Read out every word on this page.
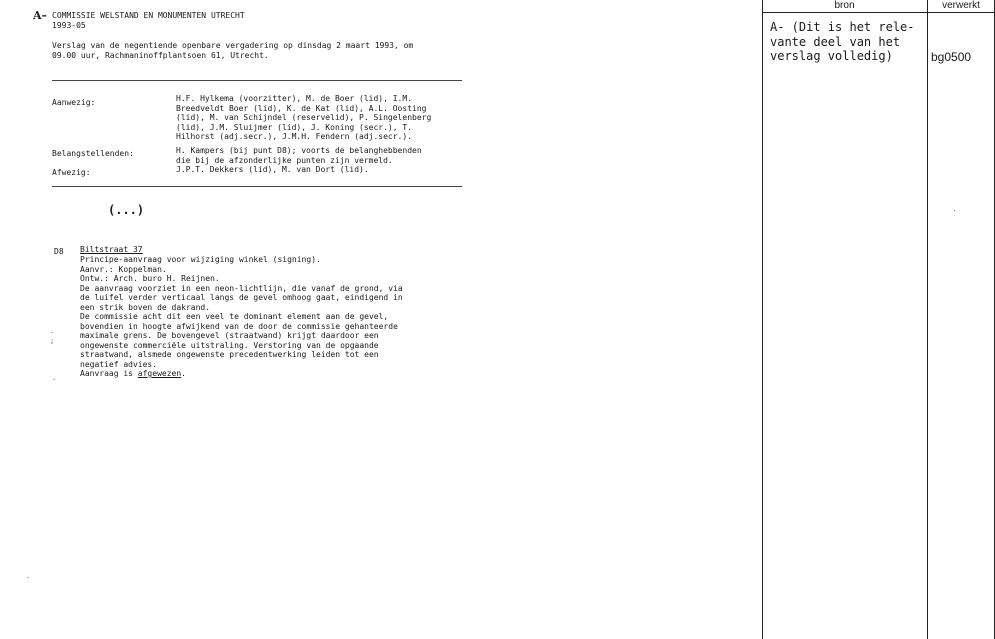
A– COMMISSIE WELSTAND EN MONUMENTEN UTRECHT
1993-05
Verslag van de negentiende openbare vergadering op dinsdag 2 maart 1993, om
09.00 uur, Rachmaninoffplantsoen 61, Utrecht.
Aanwezig:	H.F. Hylkema (voorzitter), M. de Boer (lid), I.M.
Breedveldt Boer (lid), K. de Kat (lid), A.L. Oosting
(lid), M. van Schijndel (reservelid), P. Singelenberg
(lid), J.M. Sluijmer (lid), J. Koning (secr.), T.
Hilhorst (adj.secr.), J.M.H. Fendern (adj.secr.).
Belangstellenden:	H. Kampers (bij punt D8); voorts de belanghebbenden
die bij de afzonderlijke punten zijn vermeld.
Afwezig:	J.P.T. Dekkers (lid), M. van Dort (lid).
(...)
D8 Biltstraat 37
Principe-aanvraag voor wijziging winkel (signing).
Aanvr.: Koppelman.
Ontw.: Arch. buro H. Reijnen.
De aanvraag voorziet in een neon-lichtlijn, die vanaf de grond, via
de luifel verder verticaal langs de gevel omhoog gaat, eindigend in
een strik boven de dakrand.
De commissie acht dit een veel te dominant element aan de gevel,
bovendien in hoogte afwijkend van de door de commissie gehanteerde
maximale grens. De bovengevel (straatwand) krijgt daardoor een
ongewenste commerciële uitstraling. Verstoring van de opgaande
straatwand, alsmede ongewenste precedentwerking leiden tot een
negatief advies.
Aanvraag is afgewezen.
.
;
·
.
bron	verwerkt
A- (Dit is het rele-
vante deel van het
verslag volledig)	bg0500
